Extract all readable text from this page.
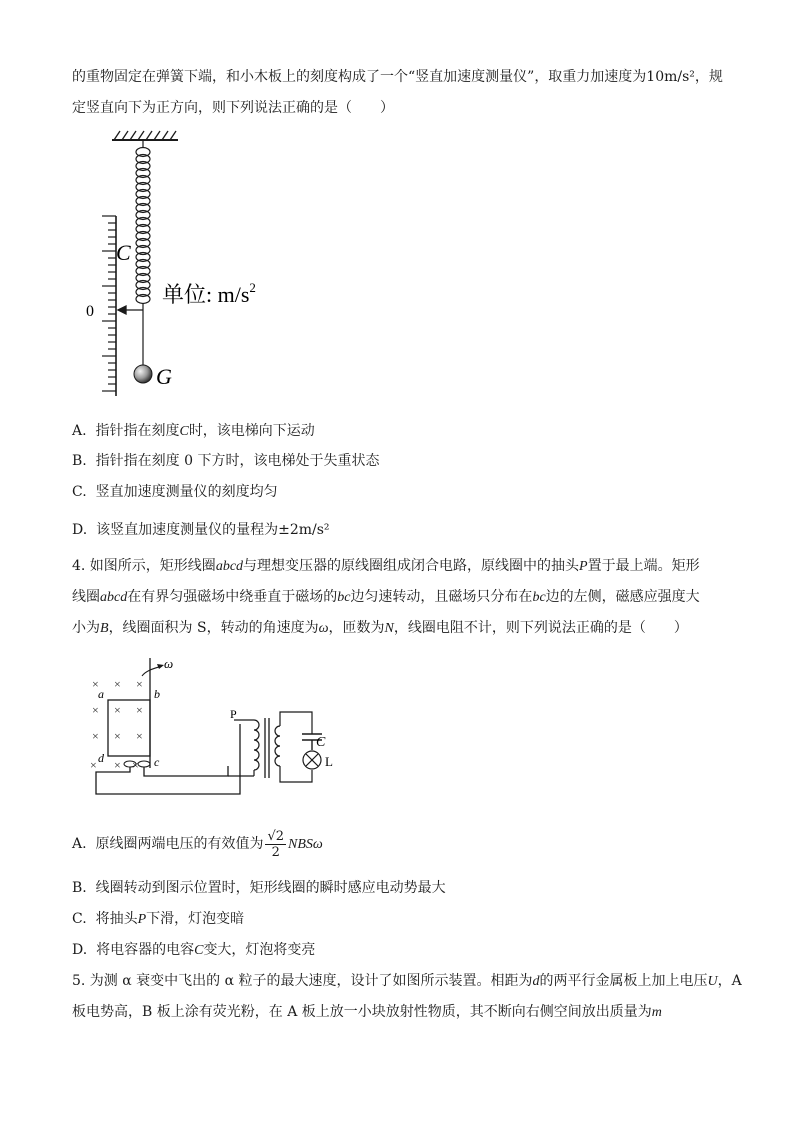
的重物固定在弹簧下端，和小木板上的刻度构成了一个“竖直加速度测量仪”，取重力加速度为10m/s²，规
定竖直向下为正方向，则下列说法正确的是（　　）
C
0
单位: $m/s^2$
G
A. 指针指在刻度C时，该电梯向下运动
B. 指针指在刻度 0 下方时，该电梯处于失重状态
C. 竖直加速度测量仪的刻度均匀
D. 该竖直加速度测量仪的量程为±2m/s²
4. 如图所示，矩形线圈abcd与理想变压器的原线圈组成闭合电路，原线圈中的抽头P置于最上端。矩形
线圈abcd在有界匀强磁场中绕垂直于磁场的bc边匀速转动，且磁场只分布在bc边的左侧，磁感应强度大
小为B，线圈面积为 S，转动的角速度为ω，匝数为N，线圈电阻不计，则下列说法正确的是（　　）
× × ×
× × ×
× × ×
× × ×
ω
a	b
c
d
P
C
L
A. 原线圈两端电压的有效值为 $\frac{√2}{2}$ NBSω
B. 线圈转动到图示位置时，矩形线圈的瞬时感应电动势最大
C. 将抽头P下滑，灯泡变暗
D. 将电容器的电容C变大，灯泡将变亮
5. 为测 α 衰变中飞出的 α 粒子的最大速度，设计了如图所示装置。相距为d的两平行金属板上加上电压U，A
板电势高，B 板上涂有荧光粉，在 A 板上放一小块放射性物质，其不断向右侧空间放出质量为m
